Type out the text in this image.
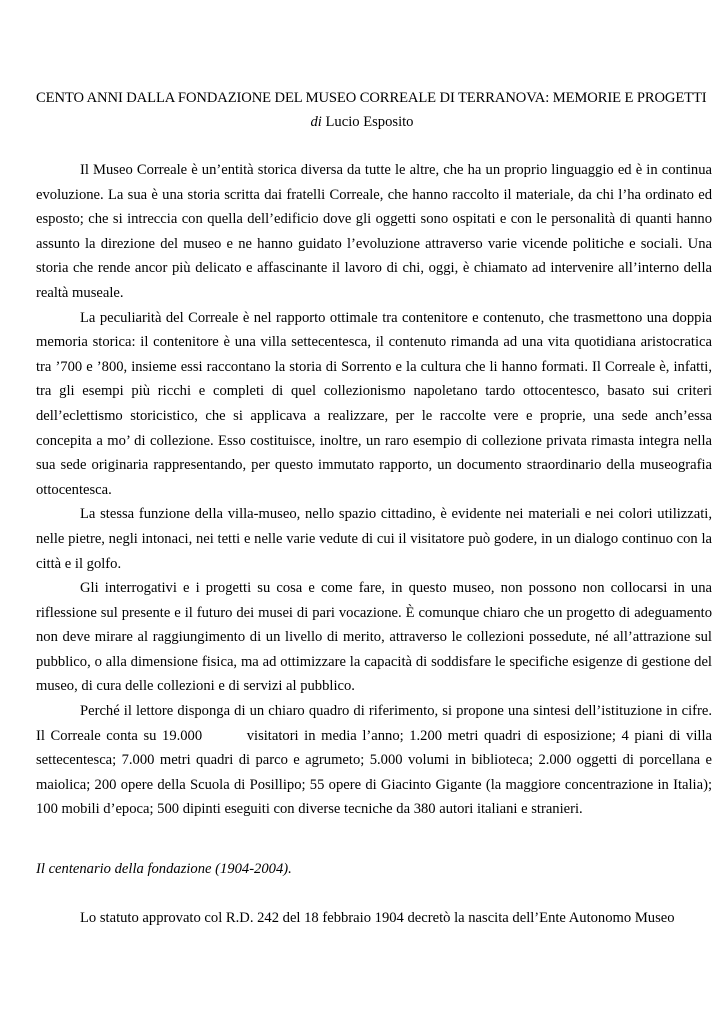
CENTO ANNI DALLA FONDAZIONE DEL MUSEO CORREALE DI TERRANOVA: MEMORIE E PROGETTI

di Lucio Esposito

Il Museo Correale è un’entità storica diversa da tutte le altre, che ha un proprio linguaggio ed è in continua evoluzione. La sua è una storia scritta dai fratelli Correale, che hanno raccolto il materiale, da chi l’ha ordinato ed esposto; che si intreccia con quella dell’edificio dove gli oggetti sono ospitati e con le personalità di quanti hanno assunto la direzione del museo e ne hanno guidato l’evoluzione attraverso varie vicende politiche e sociali. Una storia che rende ancor più delicato e affascinante il lavoro di chi, oggi, è chiamato ad intervenire all’interno della realtà museale.

La peculiarità del Correale è nel rapporto ottimale tra contenitore e contenuto, che trasmettono una doppia memoria storica: il contenitore è una villa settecentesca, il contenuto rimanda ad una vita quotidiana aristocratica tra ’700 e ’800, insieme essi raccontano la storia di Sorrento e la cultura che li hanno formati. Il Correale è, infatti, tra gli esempi più ricchi e completi di quel collezionismo napoletano tardo ottocentesco, basato sui criteri dell’eclettismo storicistico, che si applicava a realizzare, per le raccolte vere e proprie, una sede anch’essa concepita a mo’ di collezione. Esso costituisce, inoltre, un raro esempio di collezione privata rimasta integra nella sua sede originaria rappresentando, per questo immutato rapporto, un documento straordinario della museografia ottocentesca.

La stessa funzione della villa-museo, nello spazio cittadino, è evidente nei materiali e nei colori utilizzati, nelle pietre, negli intonaci, nei tetti e nelle varie vedute di cui il visitatore può godere, in un dialogo continuo con la città e il golfo.

Gli interrogativi e i progetti su cosa e come fare, in questo museo, non possono non collocarsi in una riflessione sul presente e il futuro dei musei di pari vocazione. È comunque chiaro che un progetto di adeguamento non deve mirare al raggiungimento di un livello di merito, attraverso le collezioni possedute, né all’attrazione sul pubblico, o alla dimensione fisica, ma ad ottimizzare la capacità di soddisfare le specifiche esigenze di gestione del museo, di cura delle collezioni e di servizi al pubblico.

Perché il lettore disponga di un chiaro quadro di riferimento, si propone una sintesi dell’istituzione in cifre. Il Correale conta su 19.000        visitatori in media l’anno; 1.200 metri quadri di esposizione; 4 piani di villa settecentesca; 7.000 metri quadri di parco e agrumeto; 5.000 volumi in biblioteca; 2.000 oggetti di porcellana e maiolica; 200 opere della Scuola di Posillipo; 55 opere di Giacinto Gigante (la maggiore concentrazione in Italia); 100 mobili d’epoca; 500 dipinti eseguiti con diverse tecniche da 380 autori italiani e stranieri.

Il centenario della fondazione (1904-2004).

Lo statuto approvato col R.D. 242 del 18 febbraio 1904 decretò la nascita dell’Ente Autonomo Museo
